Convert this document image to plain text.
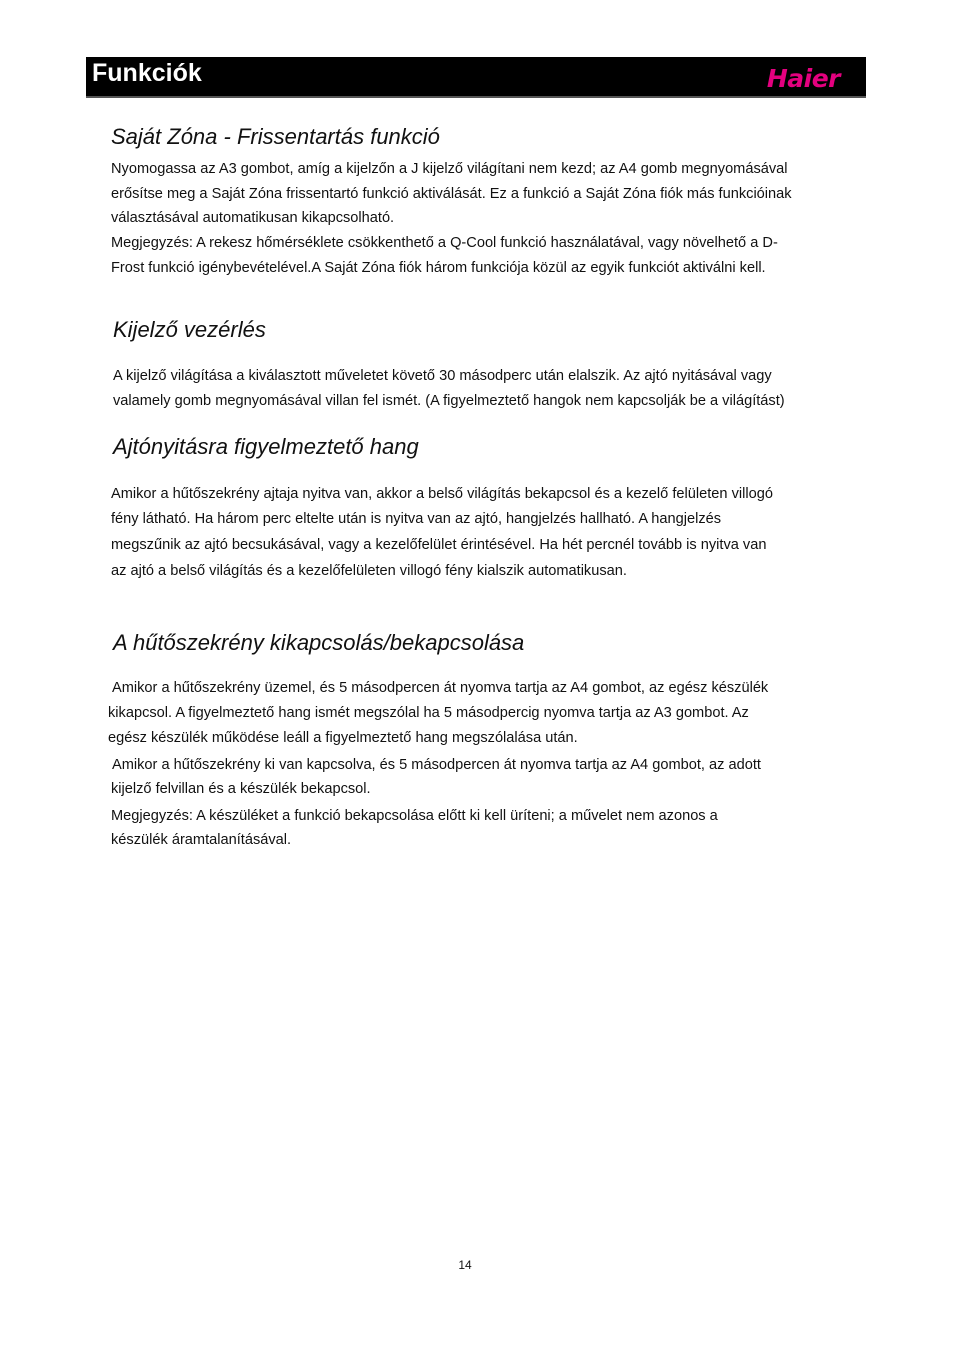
Funkciók	Haier
Saját Zóna - Frissentartás funkció
Nyomogassa az A3 gombot, amíg a kijelzőn a J kijelző világítani nem kezd; az A4 gomb megnyomásával
erősítse meg a Saját Zóna frissentartó funkció aktiválását. Ez a funkció a Saját Zóna fiók más funkcióinak
választásával automatikusan kikapcsolható.
Megjegyzés: A rekesz hőmérséklete csökkenthető a Q-Cool funkció használatával, vagy növelhető a D-
Frost funkció igénybevételével.A Saját Zóna fiók három funkciója közül az egyik funkciót aktiválni kell.
Kijelző vezérlés
A kijelző világítása a kiválasztott műveletet követő 30 másodperc után elalszik. Az ajtó nyitásával vagy
valamely gomb megnyomásával villan fel ismét. (A figyelmeztető hangok nem kapcsolják be a világítást)
Ajtónyitásra figyelmeztető hang
Amikor a hűtőszekrény ajtaja nyitva van, akkor a belső világítás bekapcsol és a kezelő felületen villogó
fény látható. Ha három perc eltelte után is nyitva van az ajtó, hangjelzés hallható. A hangjelzés
megszűnik az ajtó becsukásával, vagy a kezelőfelület érintésével. Ha hét percnél tovább is nyitva van
az ajtó a belső világítás és a kezelőfelületen villogó fény kialszik automatikusan.
A hűtőszekrény kikapcsolás/bekapcsolása
Amikor a hűtőszekrény üzemel, és 5 másodpercen át nyomva tartja az A4 gombot, az egész készülék
kikapcsol. A figyelmeztető hang ismét megszólal ha 5 másodpercig nyomva tartja az A3 gombot. Az
egész készülék működése leáll a figyelmeztető hang megszólalása után.
Amikor a hűtőszekrény ki van kapcsolva, és 5 másodpercen át nyomva tartja az A4 gombot, az adott
kijelző felvillan és a készülék bekapcsol.
Megjegyzés: A készüléket a funkció bekapcsolása előtt ki kell üríteni; a művelet nem azonos a
készülék áramtalanításával.
14
